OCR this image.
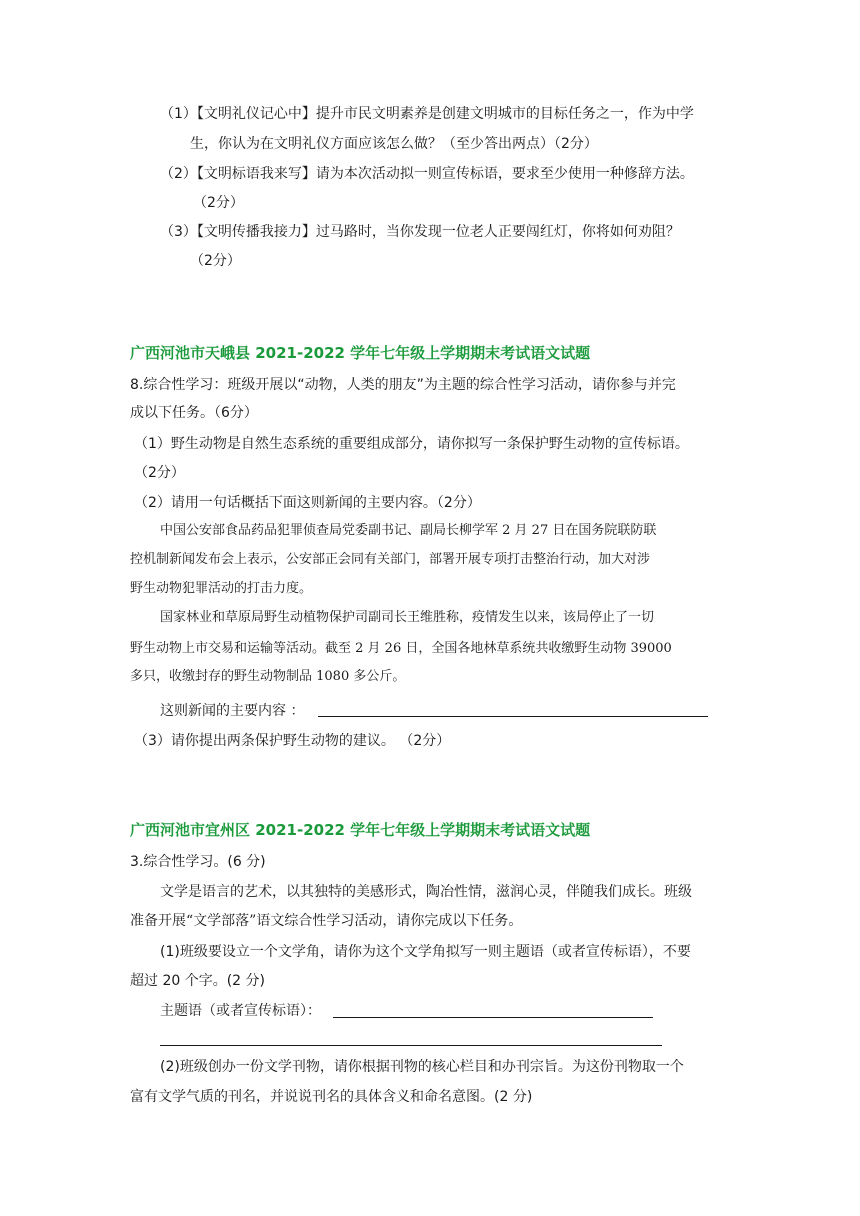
（1）【文明礼仪记心中】提升市民文明素养是创建文明城市的目标任务之一，作为中学
生，你认为在文明礼仪方面应该怎么做？（至少答出两点）（2分）
（2）【文明标语我来写】请为本次活动拟一则宣传标语，要求至少使用一种修辞方法。
（2分）
（3）【文明传播我接力】过马路时，当你发现一位老人正要闯红灯，你将如何劝阻？
（2分）
广西河池市天峨县 2021-2022 学年七年级上学期期末考试语文试题
8.综合性学习：班级开展以“动物，人类的朋友”为主题的综合性学习活动，请你参与并完
成以下任务。（6分）
（1）野生动物是自然生态系统的重要组成部分，请你拟写一条保护野生动物的宣传标语。
（2分）
（2）请用一句话概括下面这则新闻的主要内容。（2分）
中国公安部食品药品犯罪侦查局党委副书记、副局长柳学军 2 月 27 日在国务院联防联
控机制新闻发布会上表示，公安部正会同有关部门，部署开展专项打击整治行动，加大对涉
野生动物犯罪活动的打击力度。
国家林业和草原局野生动植物保护司副司长王维胜称，疫情发生以来，该局停止了一切
野生动物上市交易和运输等活动。截至 2 月 26 日，全国各地林草系统共收缴野生动物 39000
多只，收缴封存的野生动物制品 1080 多公斤。
这则新闻的主要内容 ：
（3）请你提出两条保护野生动物的建议。 （2分）
广西河池市宜州区 2021-2022 学年七年级上学期期末考试语文试题
3.综合性学习。(6 分)
文学是语言的艺术，以其独特的美感形式，陶冶性情，滋润心灵，伴随我们成长。班级
准备开展“文学部落”语文综合性学习活动，请你完成以下任务。
(1)班级要设立一个文学角，请你为这个文学角拟写一则主题语（或者宣传标语），不要
超过 20 个字。(2 分)
主题语（或者宣传标语）：
(2)班级创办一份文学刊物，请你根据刊物的核心栏目和办刊宗旨。为这份刊物取一个
富有文学气质的刊名，并说说刊名的具体含义和命名意图。(2 分)
